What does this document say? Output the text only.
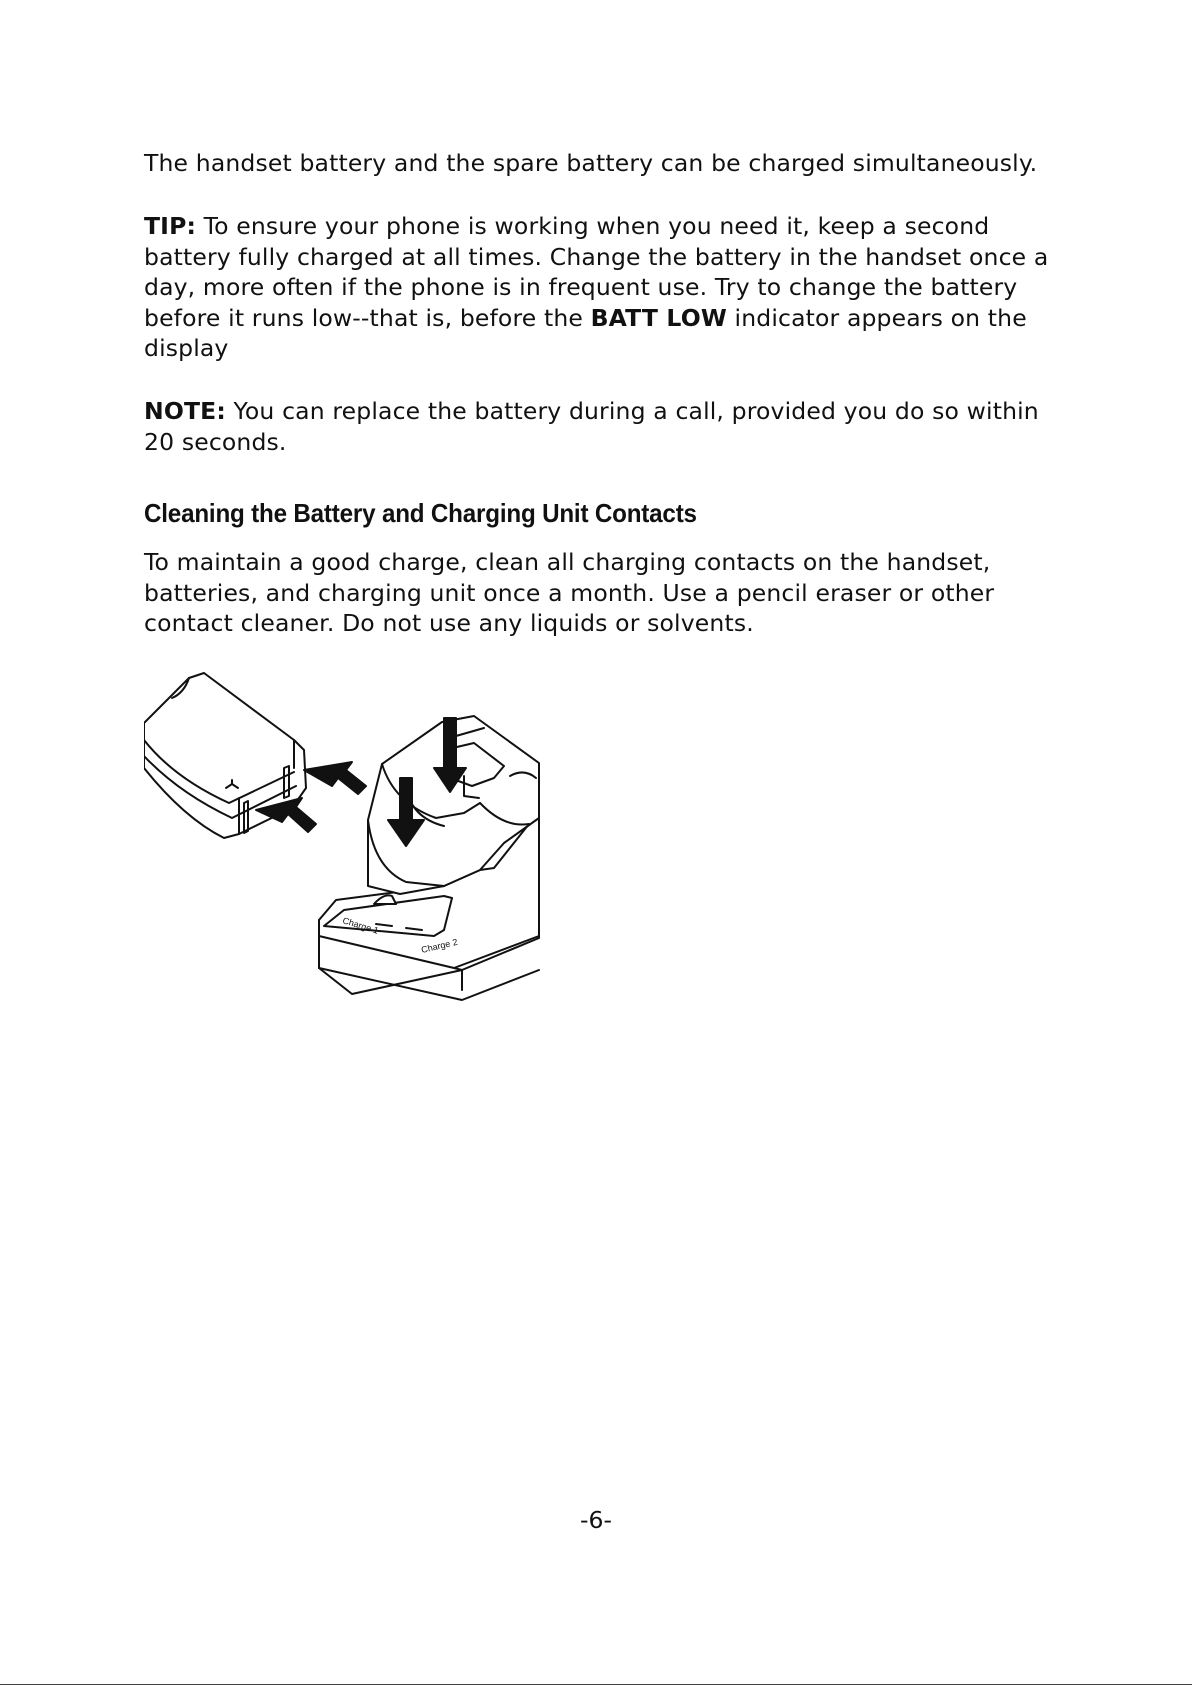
The handset battery and the spare battery can be charged simultaneously.

TIP: To ensure your phone is working when you need it, keep a second battery fully charged at all times. Change the battery in the handset once a day, more often if the phone is in frequent use. Try to change the battery before it runs low--that is, before the BATT LOW indicator appears on the display

NOTE: You can replace the battery during a call, provided you do so within 20 seconds.

Cleaning the Battery and Charging Unit Contacts

To maintain a good charge, clean all charging contacts on the handset, batteries, and charging unit once a month. Use a pencil eraser or other contact cleaner. Do not use any liquids or solvents.

Charge 1
Charge 2
-6-
